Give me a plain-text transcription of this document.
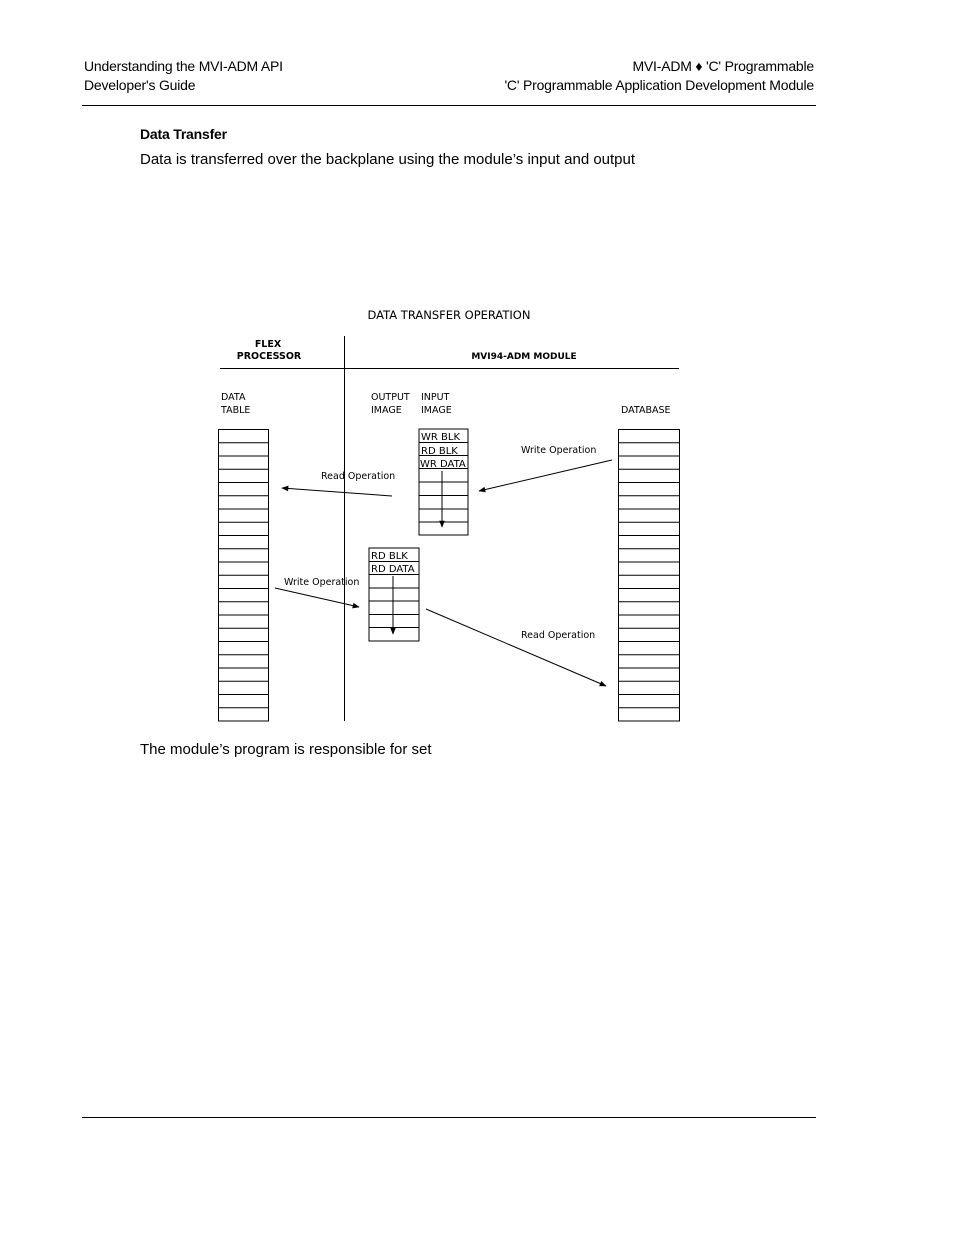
Understanding the MVI-ADM API
Developer's Guide
MVI-ADM ♦ 'C' Programmable
'C' Programmable Application Development Module
Data Transfer
Data is transferred over the backplane using the module’s input and output
DATA TRANSFER OPERATION
FLEX
PROCESSOR	MVI94-ADM MODULE
DATA
TABLE
OUTPUT
IMAGE
INPUT
IMAGE	DATABASE
WR BLK
RD BLK
WR DATA
RD BLK
RD DATA
Write Operation
Read Operation
Write Operation
Read Operation
The module’s program is responsible for set
